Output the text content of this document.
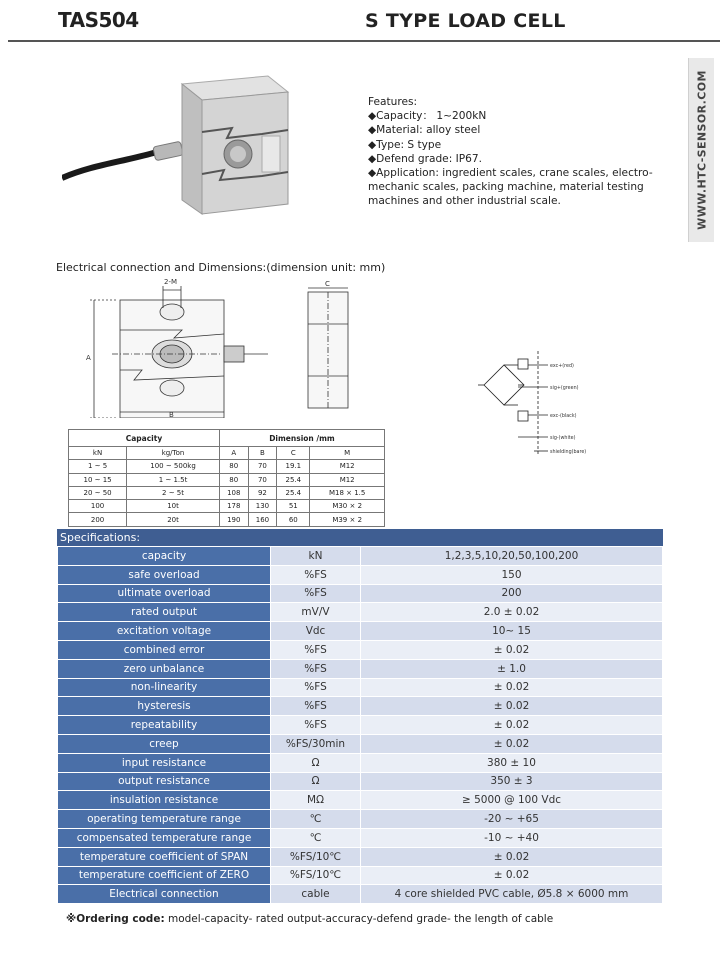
TAS504	S TYPE LOAD CELL
WWW.HTC-SENSOR.COM
Features:
◆Capacity： 1~200kN
◆Material: alloy steel
◆Type: S type
◆Defend grade: IP67.
◆Application: ingredient scales, crane scales, electro-mechanic scales, packing machine, material testing machines and other industrial scale.
Electrical connection and Dimensions:(dimension unit: mm)
2-M
A
B
C
exc+(red)
sig+(green)
exc-(black)
sig-(white)
shielding(bare)
Capacity		Dimension /mm			
kN	kg/Ton	A	B	C	M
1 ~ 5	100 ~ 500kg	80	70	19.1	M12
10 ~ 15	1 ~ 1.5t	80	70	25.4	M12
20 ~ 50	2 ~ 5t	108	92	25.4	M18 × 1.5
100	10t	178	130	51	M30 × 2
200	20t	190	160	60	M39 × 2
Specifications:
capacity	kN	1,2,3,5,10,20,50,100,200
safe overload	%FS	150
ultimate overload	%FS	200
rated output	mV/V	2.0 ± 0.02
excitation voltage	Vdc	10~ 15
combined error	%FS	± 0.02
zero unbalance	%FS	± 1.0
non-linearity	%FS	± 0.02
hysteresis	%FS	± 0.02
repeatability	%FS	± 0.02
creep	%FS/30min	± 0.02
input resistance	Ω	380 ± 10
output resistance	Ω	350 ± 3
insulation resistance	MΩ	≥ 5000 @ 100 Vdc
operating temperature range	℃	-20 ~ +65
compensated temperature range	℃	-10 ~ +40
temperature coefficient of SPAN	%FS/10℃	± 0.02
temperature coefficient of ZERO	%FS/10℃	± 0.02
Electrical connection	cable	4 core shielded PVC cable, Ø5.8 × 6000 mm
※Ordering code: model-capacity- rated output-accuracy-defend grade- the length of cable
